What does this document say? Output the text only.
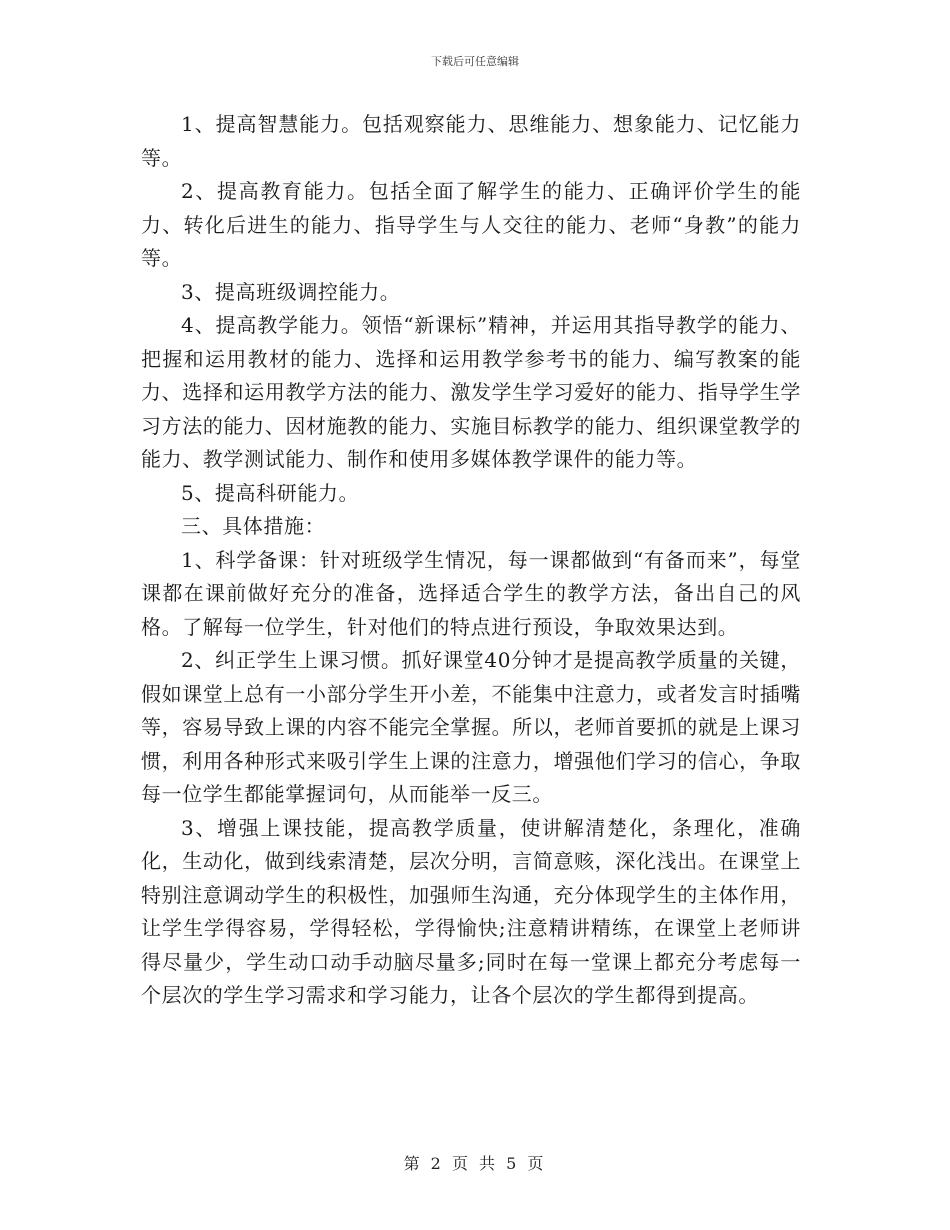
下载后可任意编辑

1、提高智慧能力。包括观察能力、思维能力、想象能力、记忆能力等。

2、提高教育能力。包括全面了解学生的能力、正确评价学生的能力、转化后进生的能力、指导学生与人交往的能力、老师“身教”的能力等。

3、提高班级调控能力。

4、提高教学能力。领悟“新课标”精神，并运用其指导教学的能力、把握和运用教材的能力、选择和运用教学参考书的能力、编写教案的能力、选择和运用教学方法的能力、激发学生学习爱好的能力、指导学生学习方法的能力、因材施教的能力、实施目标教学的能力、组织课堂教学的能力、教学测试能力、制作和使用多媒体教学课件的能力等。

5、提高科研能力。

三、具体措施：

1、科学备课：针对班级学生情况，每一课都做到“有备而来”，每堂课都在课前做好充分的准备，选择适合学生的教学方法，备出自己的风格。了解每一位学生，针对他们的特点进行预设，争取效果达到。

2、纠正学生上课习惯。抓好课堂40分钟才是提高教学质量的关键，假如课堂上总有一小部分学生开小差，不能集中注意力，或者发言时插嘴等，容易导致上课的内容不能完全掌握。所以，老师首要抓的就是上课习惯，利用各种形式来吸引学生上课的注意力，增强他们学习的信心，争取每一位学生都能掌握词句，从而能举一反三。

3、增强上课技能，提高教学质量，使讲解清楚化，条理化，准确化，生动化，做到线索清楚，层次分明，言简意赅，深化浅出。在课堂上特别注意调动学生的积极性，加强师生沟通，充分体现学生的主体作用，让学生学得容易，学得轻松，学得愉快;注意精讲精练，在课堂上老师讲得尽量少，学生动口动手动脑尽量多;同时在每一堂课上都充分考虑每一个层次的学生学习需求和学习能力，让各个层次的学生都得到提高。

第 2 页 共 5 页
